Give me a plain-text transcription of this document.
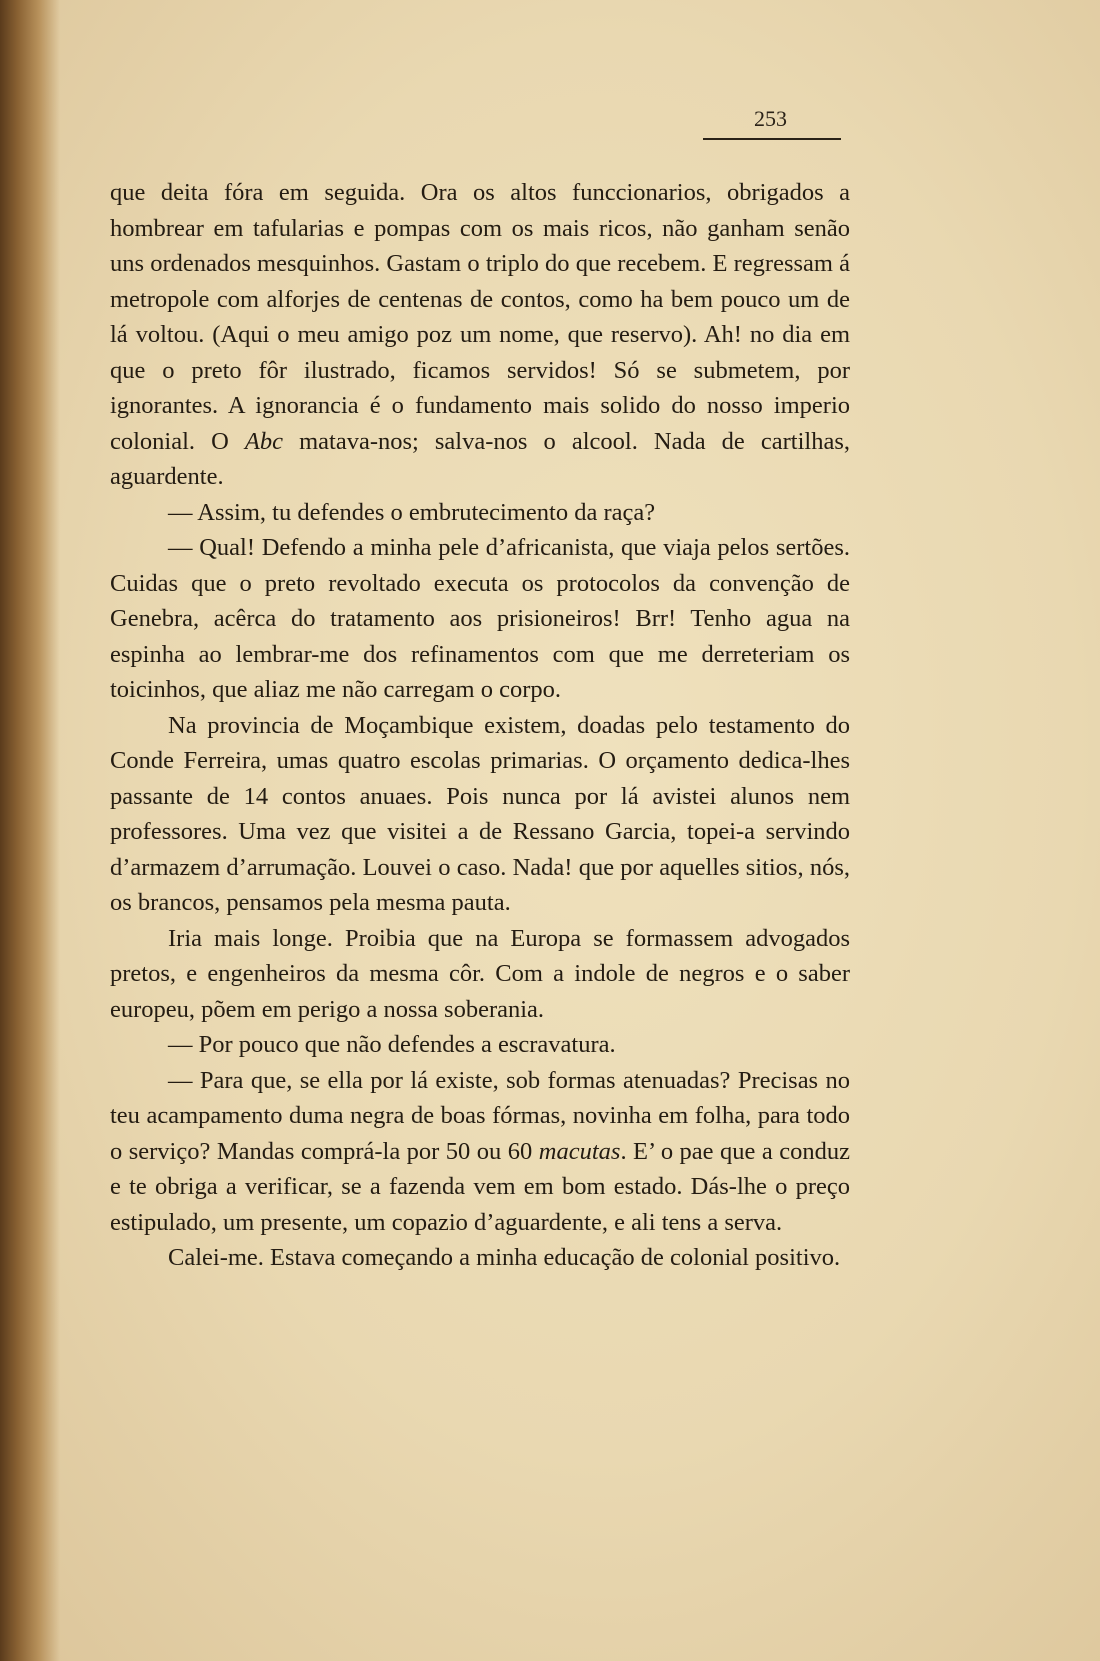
253

que deita fóra em seguida. Ora os altos funccionarios, obrigados a hombrear em tafularias e pompas com os mais ricos, não ganham senão uns ordenados mesquinhos. Gastam o triplo do que recebem. E regressam á metropole com alforjes de centenas de contos, como ha bem pouco um de lá voltou. (Aqui o meu amigo poz um nome, que reservo). Ah! no dia em que o preto fôr ilustrado, ficamos servidos! Só se submetem, por ignorantes. A ignorancia é o fundamento mais solido do nosso imperio colonial. O Abc matava-nos; salva-nos o alcool. Nada de cartilhas, aguardente.

— Assim, tu defendes o embrutecimento da raça?

— Qual! Defendo a minha pele d’africanista, que viaja pelos sertões. Cuidas que o preto revoltado executa os protocolos da convenção de Genebra, acêrca do tratamento aos prisioneiros! Brr! Tenho agua na espinha ao lembrar-me dos refinamentos com que me derreteriam os toicinhos, que aliaz me não carregam o corpo.

Na provincia de Moçambique existem, doadas pelo testamento do Conde Ferreira, umas quatro escolas primarias. O orçamento dedica-lhes passante de 14 contos anuaes. Pois nunca por lá avistei alunos nem professores. Uma vez que visitei a de Ressano Garcia, topei-a servindo d’armazem d’arrumação. Louvei o caso. Nada! que por aquelles sitios, nós, os brancos, pensamos pela mesma pauta.

Iria mais longe. Proibia que na Europa se formassem advogados pretos, e engenheiros da mesma côr. Com a indole de negros e o saber europeu, põem em perigo a nossa soberania.

— Por pouco que não defendes a escravatura.

— Para que, se ella por lá existe, sob formas atenuadas? Precisas no teu acampamento duma negra de boas fórmas, novinha em folha, para todo o serviço? Mandas comprá-la por 50 ou 60 macutas. E’ o pae que a conduz e te obriga a verificar, se a fazenda vem em bom estado. Dás-lhe o preço estipulado, um presente, um copazio d’aguardente, e ali tens a serva.

Calei-me. Estava começando a minha educação de colonial positivo.
